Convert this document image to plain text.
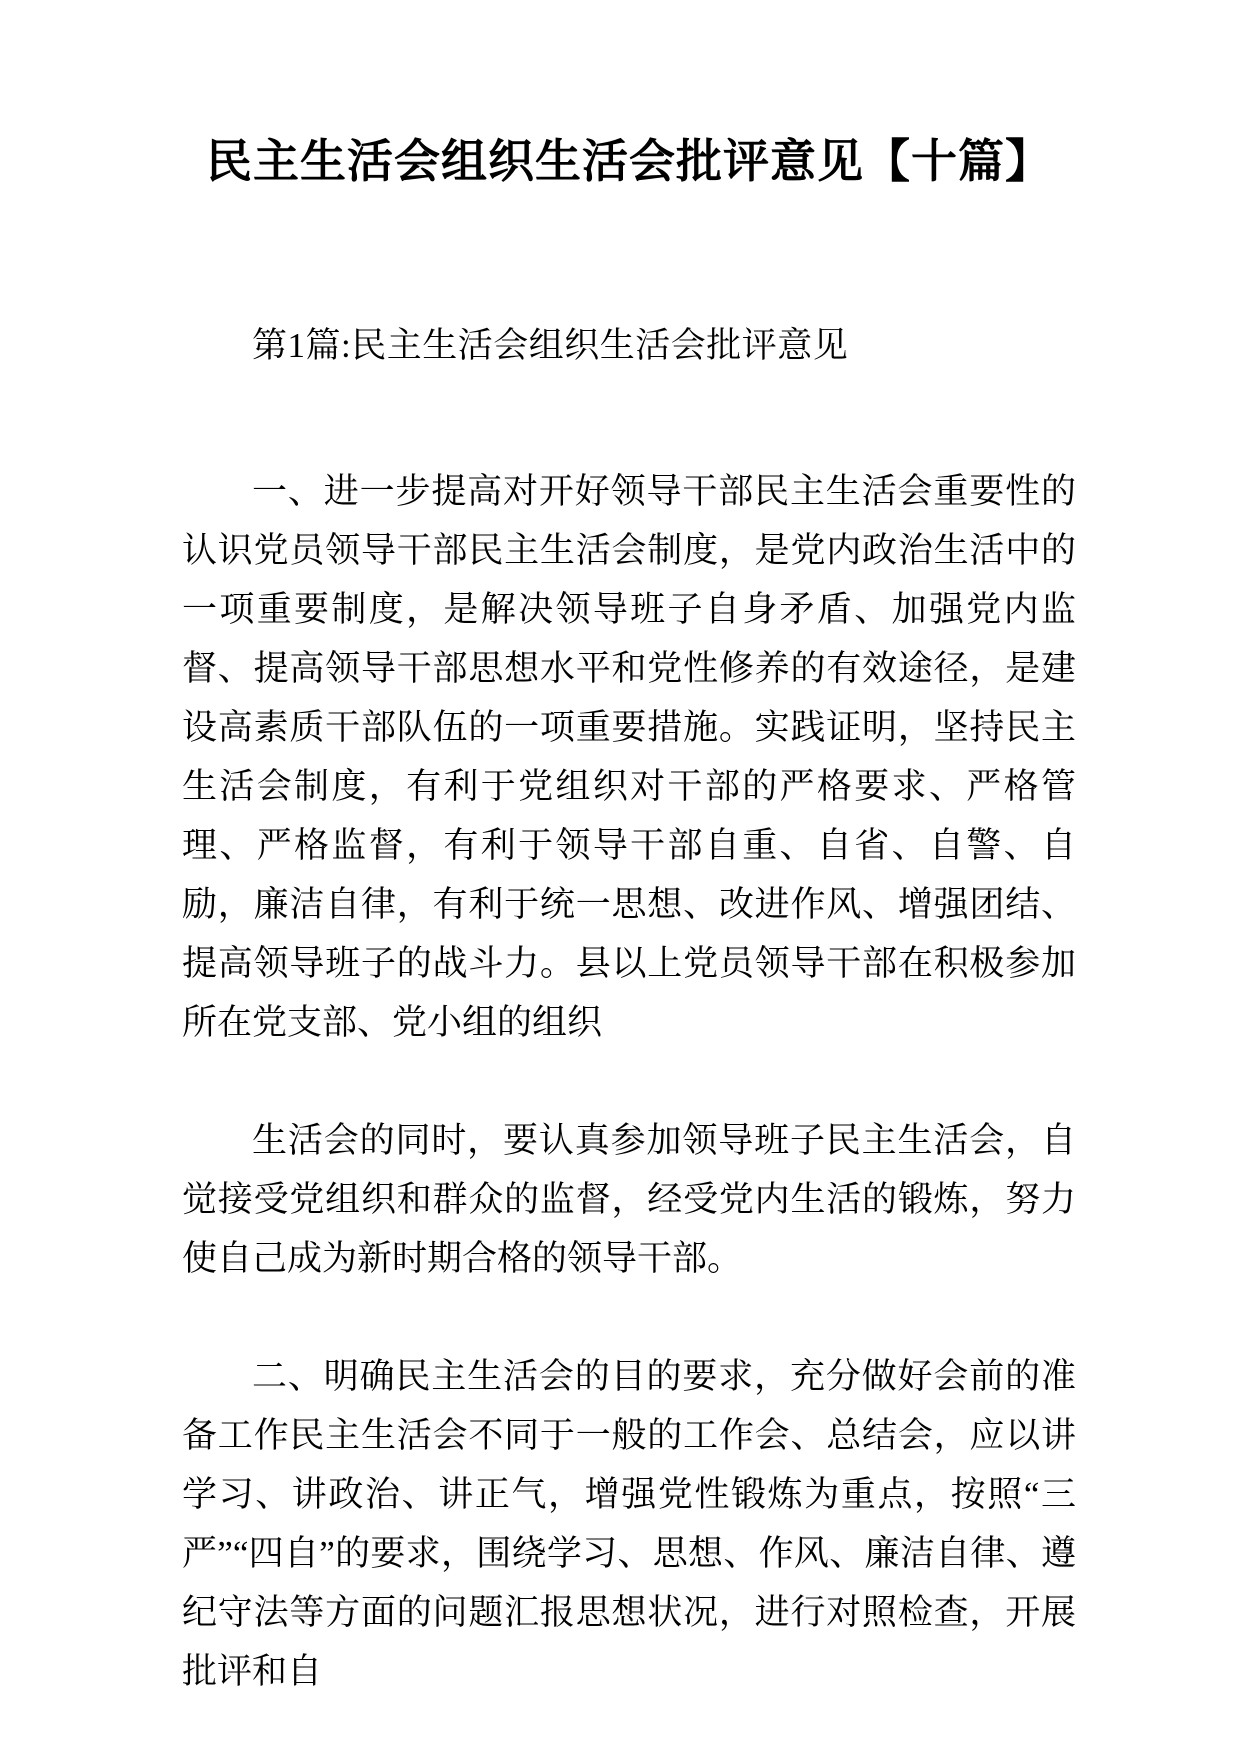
民主生活会组织生活会批评意见【十篇】

第1篇:民主生活会组织生活会批评意见

一、进一步提高对开好领导干部民主生活会重要性的认识党员领导干部民主生活会制度，是党内政治生活中的一项重要制度，是解决领导班子自身矛盾、加强党内监督、提高领导干部思想水平和党性修养的有效途径，是建设高素质干部队伍的一项重要措施。实践证明，坚持民主生活会制度，有利于党组织对干部的严格要求、严格管理、严格监督，有利于领导干部自重、自省、自警、自励，廉洁自律，有利于统一思想、改进作风、增强团结、提高领导班子的战斗力。县以上党员领导干部在积极参加所在党支部、党小组的组织

生活会的同时，要认真参加领导班子民主生活会，自觉接受党组织和群众的监督，经受党内生活的锻炼，努力使自己成为新时期合格的领导干部。

二、明确民主生活会的目的要求，充分做好会前的准备工作民主生活会不同于一般的工作会、总结会，应以讲学习、讲政治、讲正气，增强党性锻炼为重点，按照“三严”“四自”的要求，围绕学习、思想、作风、廉洁自律、遵纪守法等方面的问题汇报思想状况，进行对照检查，开展批评和自
